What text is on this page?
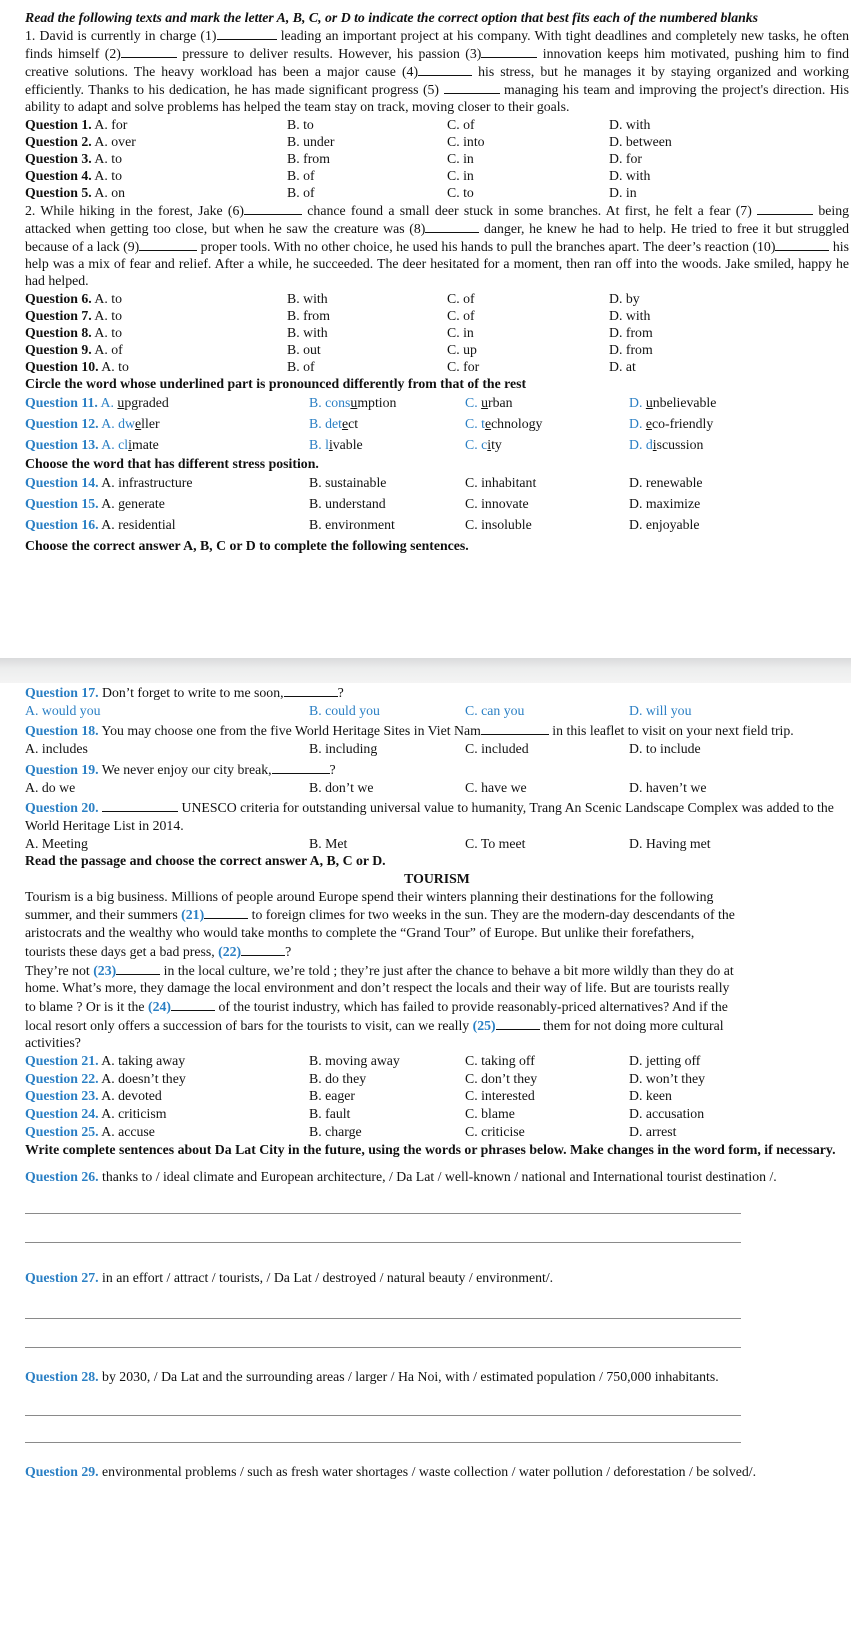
Read the following texts and mark the letter A, B, C, or D to indicate the correct option that best fits each of the numbered blanks

1. David is currently in charge (1)	leading an important project at his company. With tight deadlines and completely new tasks, he often finds himself (2)	pressure to deliver results. However, his passion (3)	innovation keeps him motivated, pushing him to find creative solutions. The heavy workload has been a major cause (4)	his stress, but he manages it by staying organized and working efficiently. Thanks to his dedication, he has made significant progress (5)	managing his team and improving the project's direction. His ability to adapt and solve problems has helped the team stay on track, moving closer to their goals.

Question 1. A. for	B. to	C. of	D. with
Question 2. A. over	B. under	C. into	D. between
Question 3. A. to	B. from	C. in	D. for
Question 4. A. to	B. of	C. in	D. with
Question 5. A. on	B. of	C. to	D. in

2. While hiking in the forest, Jake (6)	chance found a small deer stuck in some branches. At first, he felt a fear (7)	being attacked when getting too close, but when he saw the creature was (8)	danger, he knew he had to help. He tried to free it but struggled because of a lack (9)	proper tools. With no other choice, he used his hands to pull the branches apart. The deer’s reaction (10)	his help was a mix of fear and relief. After a while, he succeeded. The deer hesitated for a moment, then ran off into the woods. Jake smiled, happy he had helped.

Question 6. A. to	B. with	C. of	D. by
Question 7. A. to	B. from	C. of	D. with
Question 8. A. to	B. with	C. in	D. from
Question 9. A. of	B. out	C. up	D. from
Question 10. A. to	B. of	C. for	D. at

Circle the word whose underlined part is pronounced differently from that of the rest

Question 11. A. upgraded	B. consumption	C. urban	D. unbelievable
Question 12. A. dweller	B. detect	C. technology	D. eco-friendly
Question 13. A. climate	B. livable	C. city	D. discussion

Choose the word that has different stress position.

Question 14. A. infrastructure	B. sustainable	C. inhabitant	D. renewable
Question 15. A. generate	B. understand	C. innovate	D. maximize
Question 16. A. residential	B. environment	C. insoluble	D. enjoyable

Choose the correct answer A, B, C or D to complete the following sentences.

Question 17. Don’t forget to write to me soon,	?

A. would you	B. could you	C. can you	D. will you

Question 18. You may choose one from the five World Heritage Sites in Viet Nam	in this leaflet to visit on your next field trip.

A. includes	B. including	C. included	D. to include

Question 19. We never enjoy our city break,	?

A. do we	B. don’t we	C. have we	D. haven’t we

Question 20.	UNESCO criteria for outstanding universal value to humanity, Trang An Scenic Landscape Complex was added to the World Heritage List in 2014.

A. Meeting	B. Met	C. To meet	D. Having met

Read the passage and choose the correct answer A, B, C or D.

TOURISM

Tourism is a big business. Millions of people around Europe spend their winters planning their destinations for the following
summer, and their summers (21)	to foreign climes for two weeks in the sun. They are the modern-day descendants of the
aristocrats and the wealthy who would take months to complete the “Grand Tour” of Europe. But unlike their forefathers,
tourists these days get a bad press, (22)	?
They’re not (23)	in the local culture, we’re told ; they’re just after the chance to behave a bit more wildly than they do at
home. What’s more, they damage the local environment and don’t respect the locals and their way of life. But are tourists really
to blame ? Or is it the (24)	of the tourist industry, which has failed to provide reasonably-priced alternatives? And if the
local resort only offers a succession of bars for the tourists to visit, can we really (25)	them for not doing more cultural
activities?
Question 21. A. taking away	B. moving away	C. taking off	D. jetting off
Question 22. A. doesn’t they	B. do they	C. don’t they	D. won’t they
Question 23. A. devoted	B. eager	C. interested	D. keen
Question 24. A. criticism	B. fault	C. blame	D. accusation
Question 25. A. accuse	B. charge	C. criticise	D. arrest

Write complete sentences about Da Lat City in the future, using the words or phrases below. Make changes in the word form, if necessary.

Question 26. thanks to / ideal climate and European architecture, / Da Lat / well-known / national and International tourist destination /.

Question 27. in an effort / attract / tourists, / Da Lat / destroyed / natural beauty / environment/.

Question 28. by 2030, / Da Lat and the surrounding areas / larger / Ha Noi, with / estimated population / 750,000 inhabitants.

Question 29. environmental problems / such as fresh water shortages / waste collection / water pollution / deforestation / be solved/.
